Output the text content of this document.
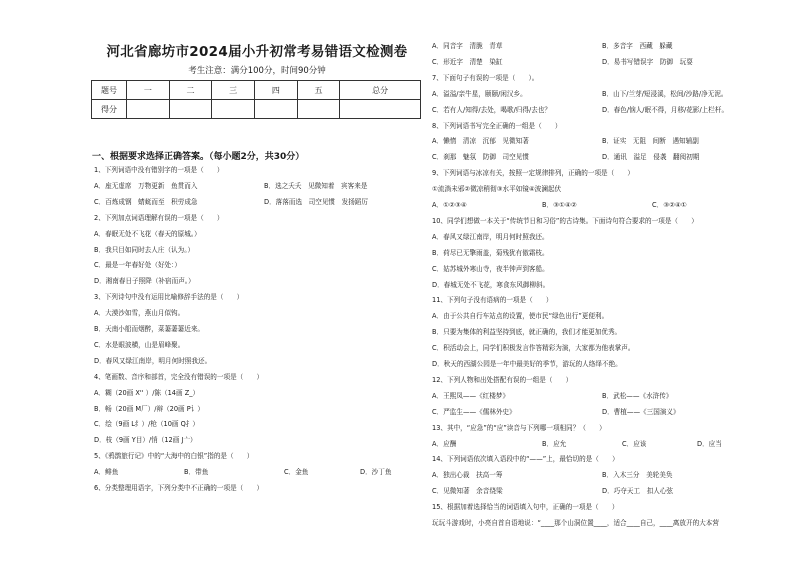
河北省廊坊市2024届小升初常考易错语文检测卷
考生注意：满分100分，时间90分钟
题号	一	二	三	四	五	总分
得分						
一、根据要求选择正确答案。（每小题2分，共30分）
1、下列词语中没有错别字的一项是（　　）
A．座无虚席　万物更新　鱼贯而入	B．选之夭夭　见微知着　宾客来是
C．百炼成钢　蜻蜓而至　积劳成急	D．落落而选　司空见惯　发扬蹈厉
2、下列加点词语理解有误的一项是（　　）
A．春眠无处不飞花（春天的原城。）
B．我只目如同时去人庄（认为。）
C．最是一年春好处（好处：）
D．湘南春日子照降（补宿而声。）
3、下列诗句中没有运用比喻修辞手法的是（　　）
A．大漠沙如雪，燕山月似钩。
B．天南小船而烟醉，菜萋萋萋近来。
C．水是眼波横，山是眉峰聚。
D．春风又绿江南岸，明月何时照我还。
4、笔画数、音序和部首，完全没有错误的一项是（　　）
A．糊（20画 X'' ）/陈（14画 Z_）
B．畅（20画 M厂）/辩（20画 P讠）
C．绘（9画 L纟）/枪（10画 Q扌）
D．枝（9画 Y目）/悄（12画 J亠）
5、《鸦鹊旅行记》中的“大海中的白银”指的是（　　）
A．鲱鱼	B．带鱼	C．金鱼	D．沙丁鱼
6、分类整理用语字，下列分类中不正确的一项是（　　）
A．同音字　清脆　青草	B．多音字　西藏　躲藏
C．形近字　清楚　染缸	D．易书写错误字　防御　玩耍
7、下面句子有误的一项是（　　）。
A．溢溢/亲牛星，颐颐/闲汉乡。	B．山下/兰芽/短浸溪，松间/沙路/净无泥。
C．若有人/知得/去处，喝歌/归得/去也？	D．春色/恼人/眠不得，月移/花影/上栏杆。
8、下列词语书写完全正确的一组是（　　）
A．懒惰　清凉　沉郁　见微知著	B．证实　无阻　间断　遇知辅副
C．刹那　魅氛　防御　司空见惯	D．通讯　溢足　侵袭　翻阅初期
9、下列词语与冰凉有关，按照一定规律排列，正确的一项是（　　）
①流淌未邪②微凉稍彻③水平如镜④波澜起伏
A．①②③④	B．③①④②	C．③②④①
10、同学们想做一本关于“传统节日和习俗”的古诗集。下面诗句符合要求的一项是（　　）
A．春风又绿江南岸，明月何时照我还。
B．荷尽已无擎雨盖，菊残犹有傲霜枝。
C．姑苏城外寒山寺，夜半钟声到客船。
D．春城无处不飞花，寒食东风御柳斜。
11、下列句子没有语病的一项是（　　）
A．由于公共自行车站点的设置，使市民“绿色出行”更便利。
B．只要为集体的利益坚持到底，就正确的，我们才能更加优秀。
C．积活动会上，同学们积极发言作答精彩为演，大家都为他表掌声。
D．秋天的西湖公园是一年中最美好的季节，游玩的人络绎不绝。
12、下列人物和出处搭配有误的一组是（　　）
A．王熙凤——《红楼梦》	B．武松——《水浒传》
C．严监生——《儒林外史》	D．曹植——《三国演义》
13、其中，“应急”的“应”读音与下列哪一项相同？（　　）
A．应酬	B．应允	C．应该	D．应当
14、下列词语依次填入语段中的“——”上，最恰切的是（　　）
A．独出心裁　扶高一筹	B．入木三分　美轮美奂
C．见微知著　余音绕梁	D．巧夺天工　扣人心弦
15、根据加着选择恰当的词语填入句中，正确的一项是（　　）
玩玩斗游戏时，小亮自首自语地说：“____那个山洞位置____，适合____自己，____离放开的大本营
